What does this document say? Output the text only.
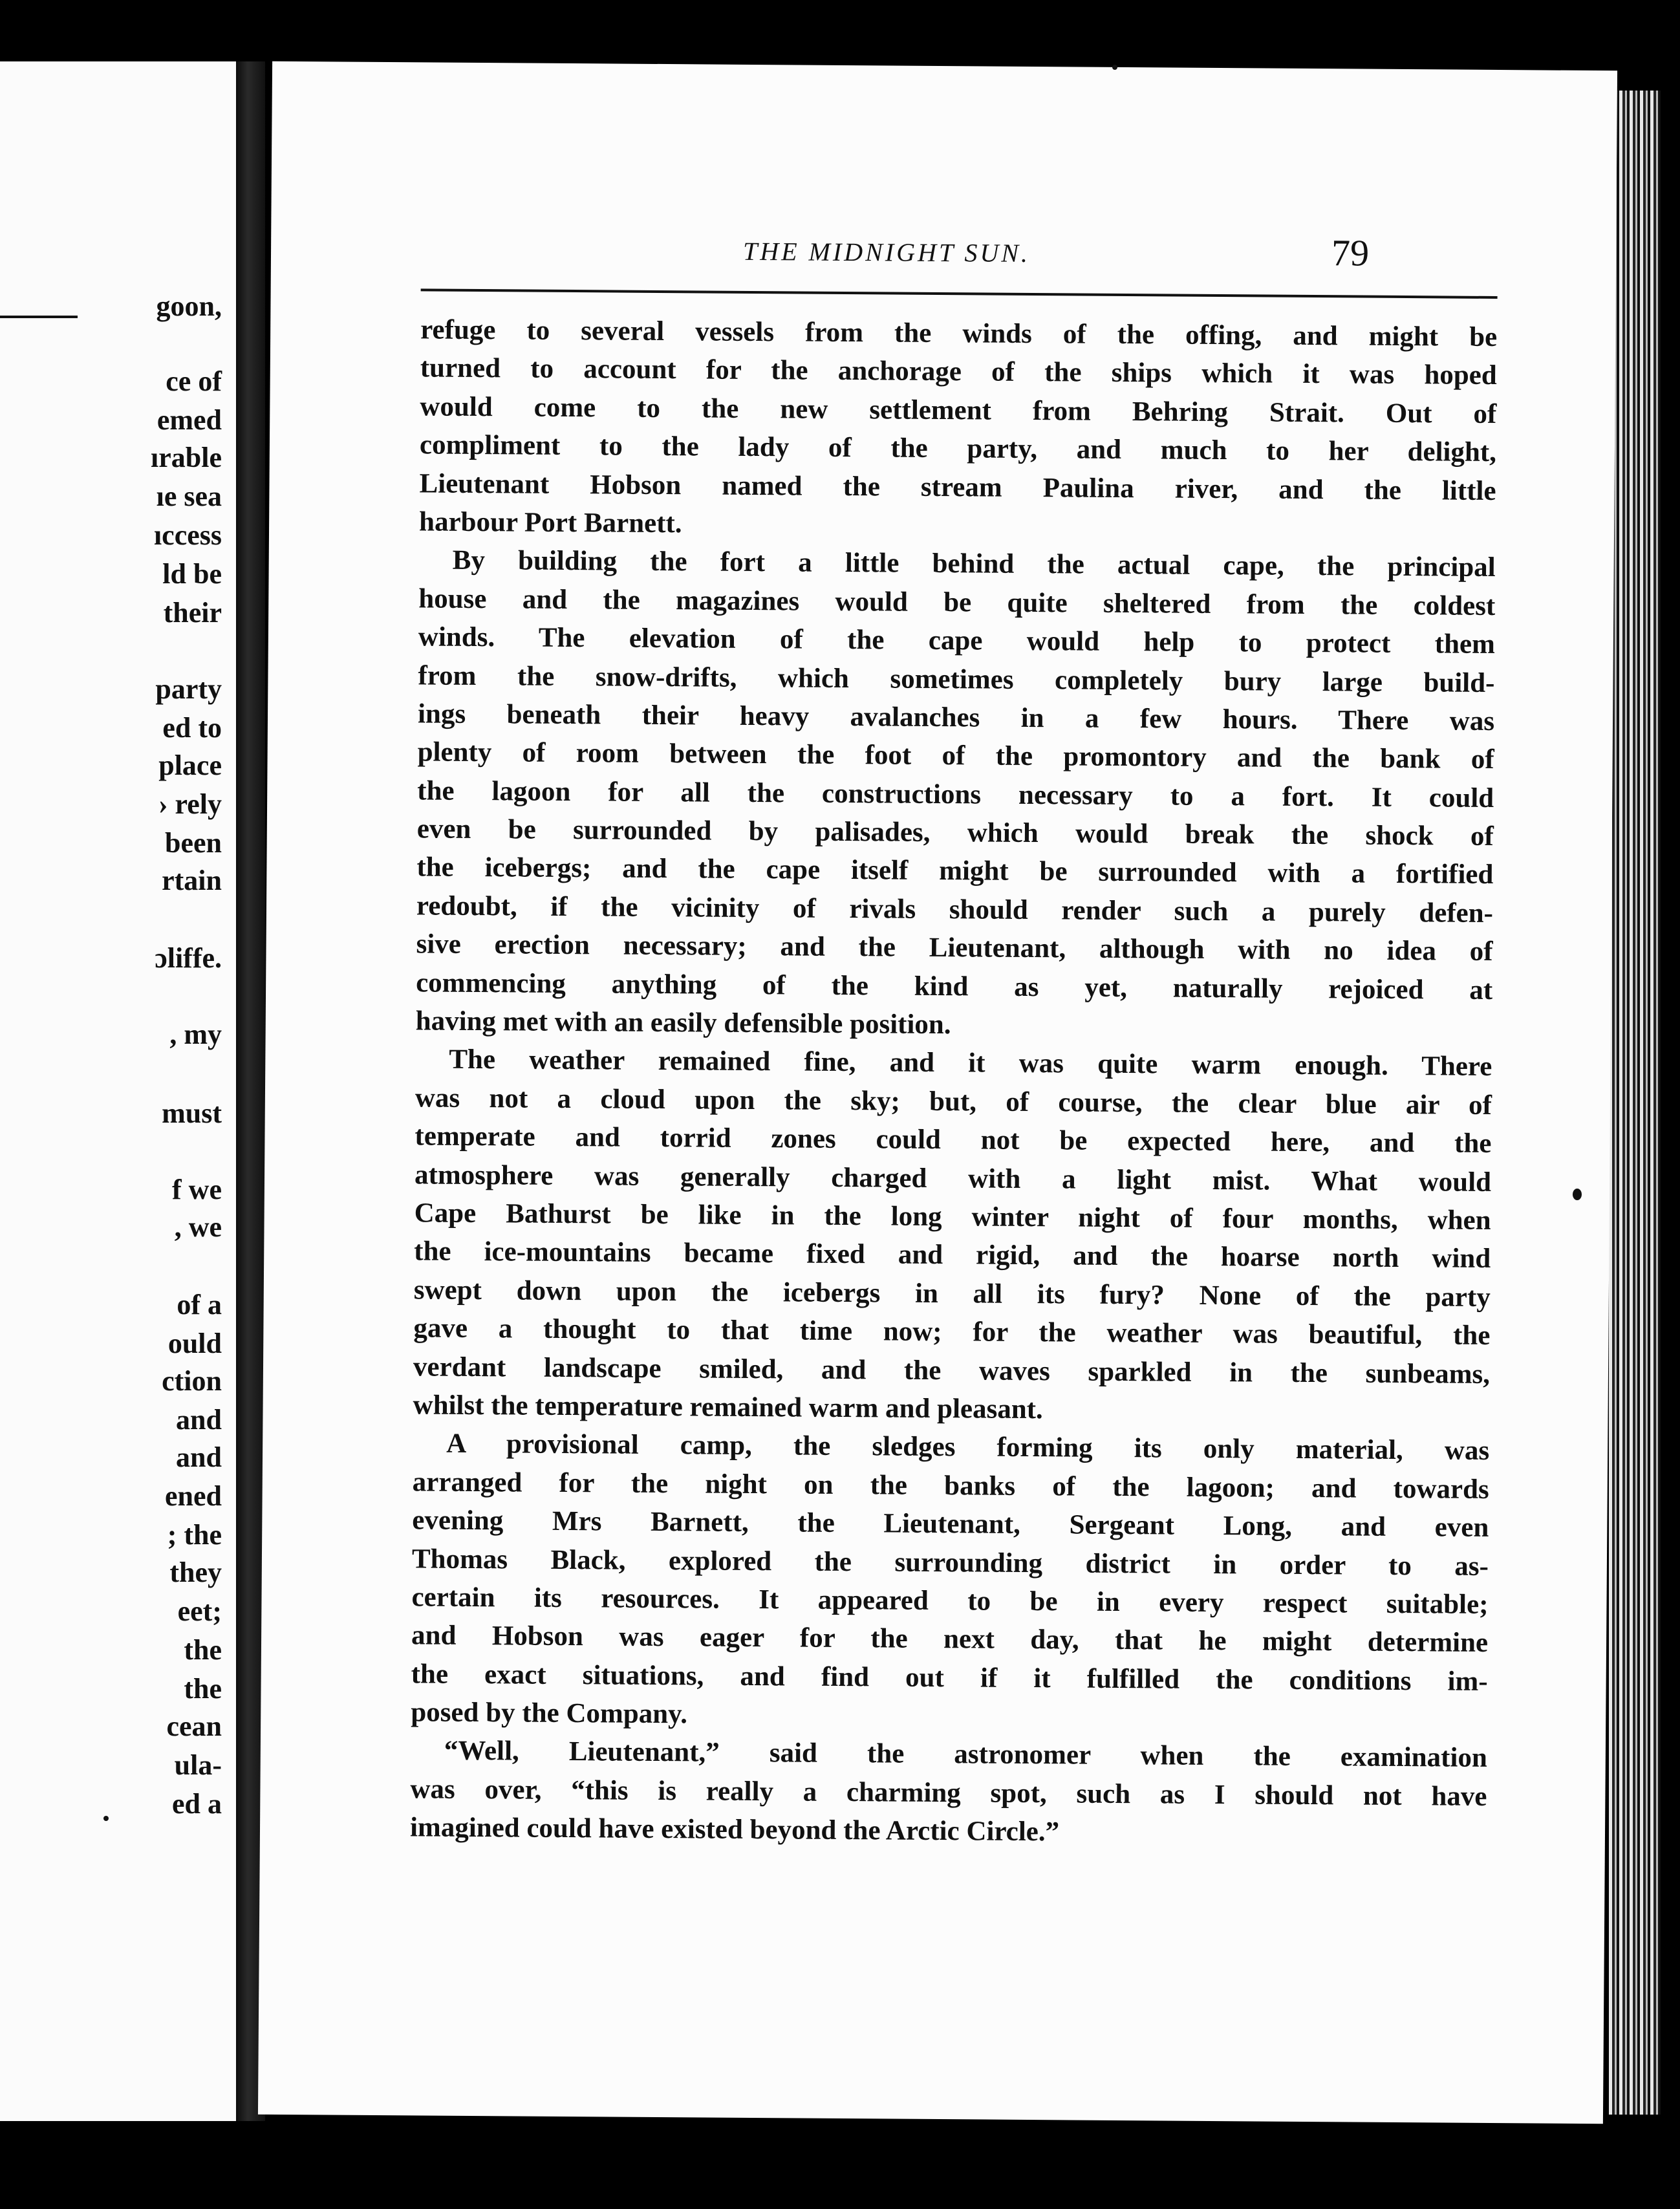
goon,
ce of
emed
ırable
ıe sea
ıccess
ld be
their
party
ed to
place
› rely
been
rtain
ɔliffe.
, my
must
f we
, we
of a
ould
ction
and
and
ened
; the
they
eet;
the
the
cean
ula-
ed a
THE MIDNIGHT SUN.	79
refuge to several vessels from the winds of the offing, and might be
turned to account for the anchorage of the ships which it was hoped
would come to the new settlement from Behring Strait. Out of
compliment to the lady of the party, and much to her delight,
Lieutenant Hobson named the stream Paulina river, and the little
harbour Port Barnett.
By building the fort a little behind the actual cape, the principal
house and the magazines would be quite sheltered from the coldest
winds. The elevation of the cape would help to protect them
from the snow-drifts, which sometimes completely bury large build-
ings beneath their heavy avalanches in a few hours. There was
plenty of room between the foot of the promontory and the bank of
the lagoon for all the constructions necessary to a fort. It could
even be surrounded by palisades, which would break the shock of
the icebergs; and the cape itself might be surrounded with a fortified
redoubt, if the vicinity of rivals should render such a purely defen-
sive erection necessary; and the Lieutenant, although with no idea of
commencing anything of the kind as yet, naturally rejoiced at
having met with an easily defensible position.
The weather remained fine, and it was quite warm enough. There
was not a cloud upon the sky; but, of course, the clear blue air of
temperate and torrid zones could not be expected here, and the
atmosphere was generally charged with a light mist. What would
Cape Bathurst be like in the long winter night of four months, when
the ice-mountains became fixed and rigid, and the hoarse north wind
swept down upon the icebergs in all its fury? None of the party
gave a thought to that time now; for the weather was beautiful, the
verdant landscape smiled, and the waves sparkled in the sunbeams,
whilst the temperature remained warm and pleasant.
A provisional camp, the sledges forming its only material, was
arranged for the night on the banks of the lagoon; and towards
evening Mrs Barnett, the Lieutenant, Sergeant Long, and even
Thomas Black, explored the surrounding district in order to as-
certain its resources. It appeared to be in every respect suitable;
and Hobson was eager for the next day, that he might determine
the exact situations, and find out if it fulfilled the conditions im-
posed by the Company.
“Well, Lieutenant,” said the astronomer when the examination
was over, “this is really a charming spot, such as I should not have
imagined could have existed beyond the Arctic Circle.”
